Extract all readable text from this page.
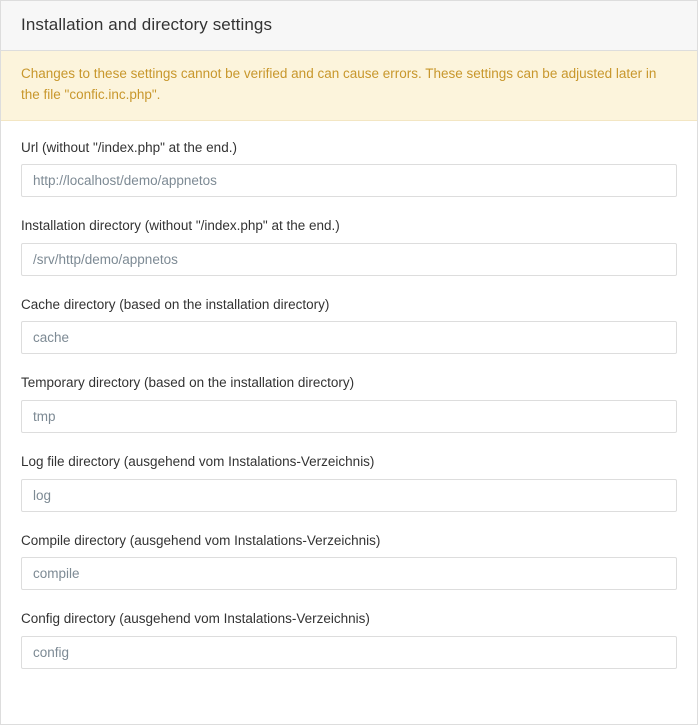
Installation and directory settings
Changes to these settings cannot be verified and can cause errors. These settings can be adjusted later in the file "confic.inc.php".
Url (without "/index.php" at the end.)
http://localhost/demo/appnetos
Installation directory (without "/index.php" at the end.)
/srv/http/demo/appnetos
Cache directory (based on the installation directory)
cache
Temporary directory (based on the installation directory)
tmp
Log file directory (ausgehend vom Instalations-Verzeichnis)
log
Compile directory (ausgehend vom Instalations-Verzeichnis)
compile
Config directory (ausgehend vom Instalations-Verzeichnis)
config
